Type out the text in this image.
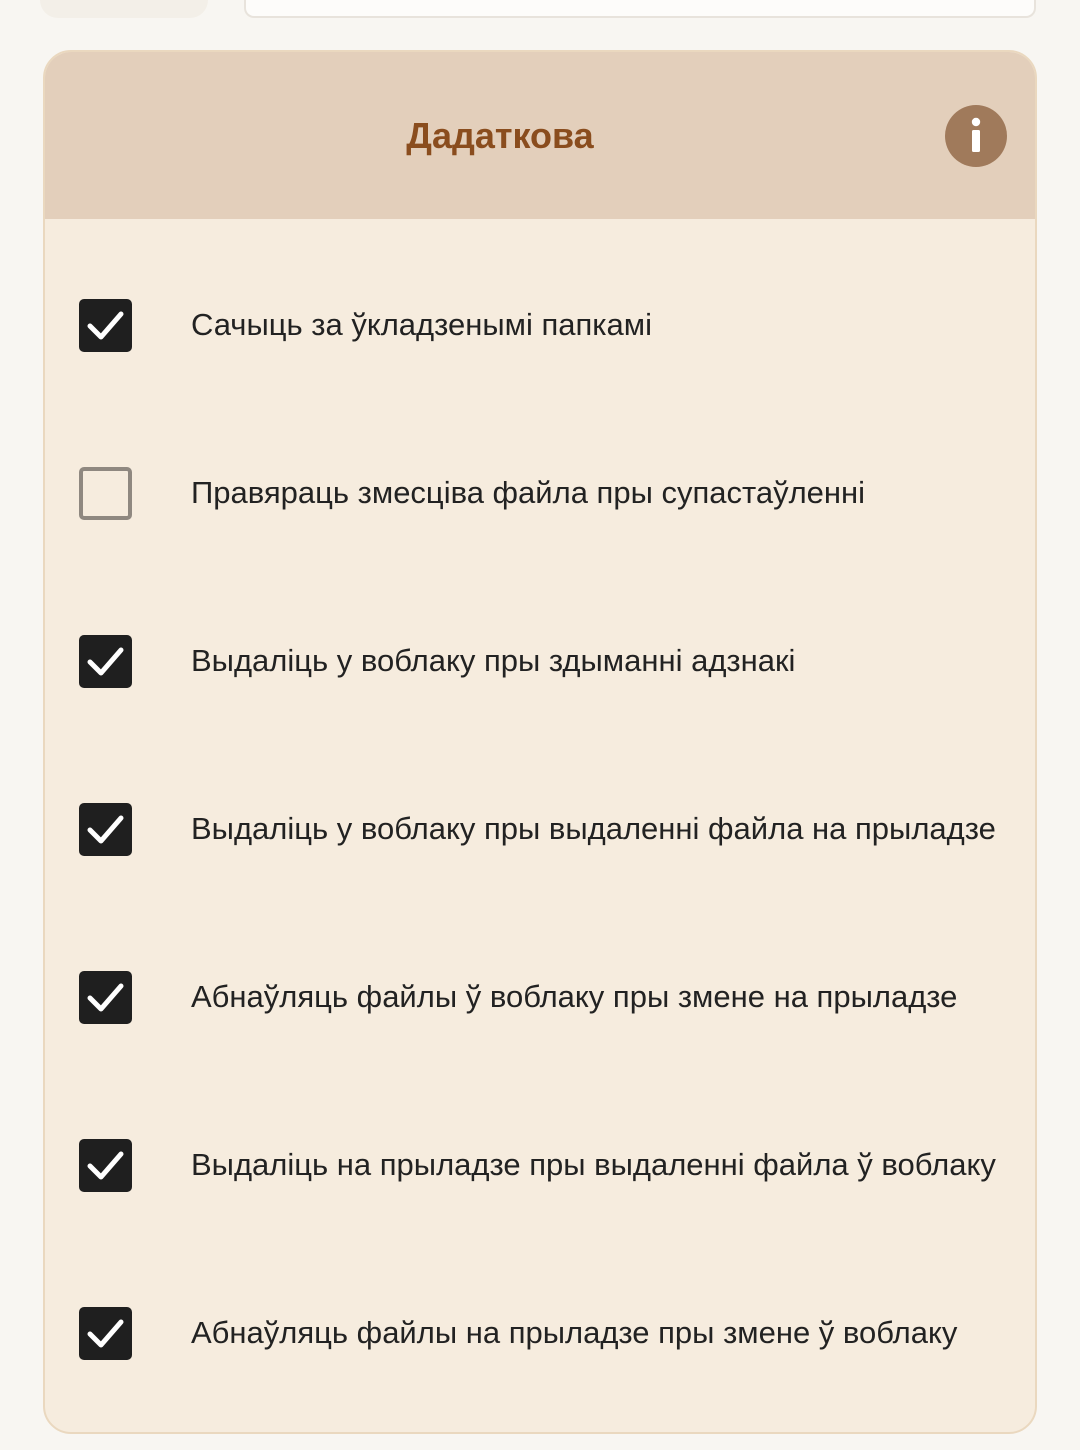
Дадаткова
Сачыць за ўкладзенымі папкамі
Правяраць змесціва файла пры супастаўленні
Выдаліць у воблаку пры здыманні адзнакі
Выдаліць у воблаку пры выдаленні файла на прыладзе
Абнаўляць файлы ў воблаку пры змене на прыладзе
Выдаліць на прыладзе пры выдаленні файла ў воблаку
Абнаўляць файлы на прыладзе пры змене ў воблаку
